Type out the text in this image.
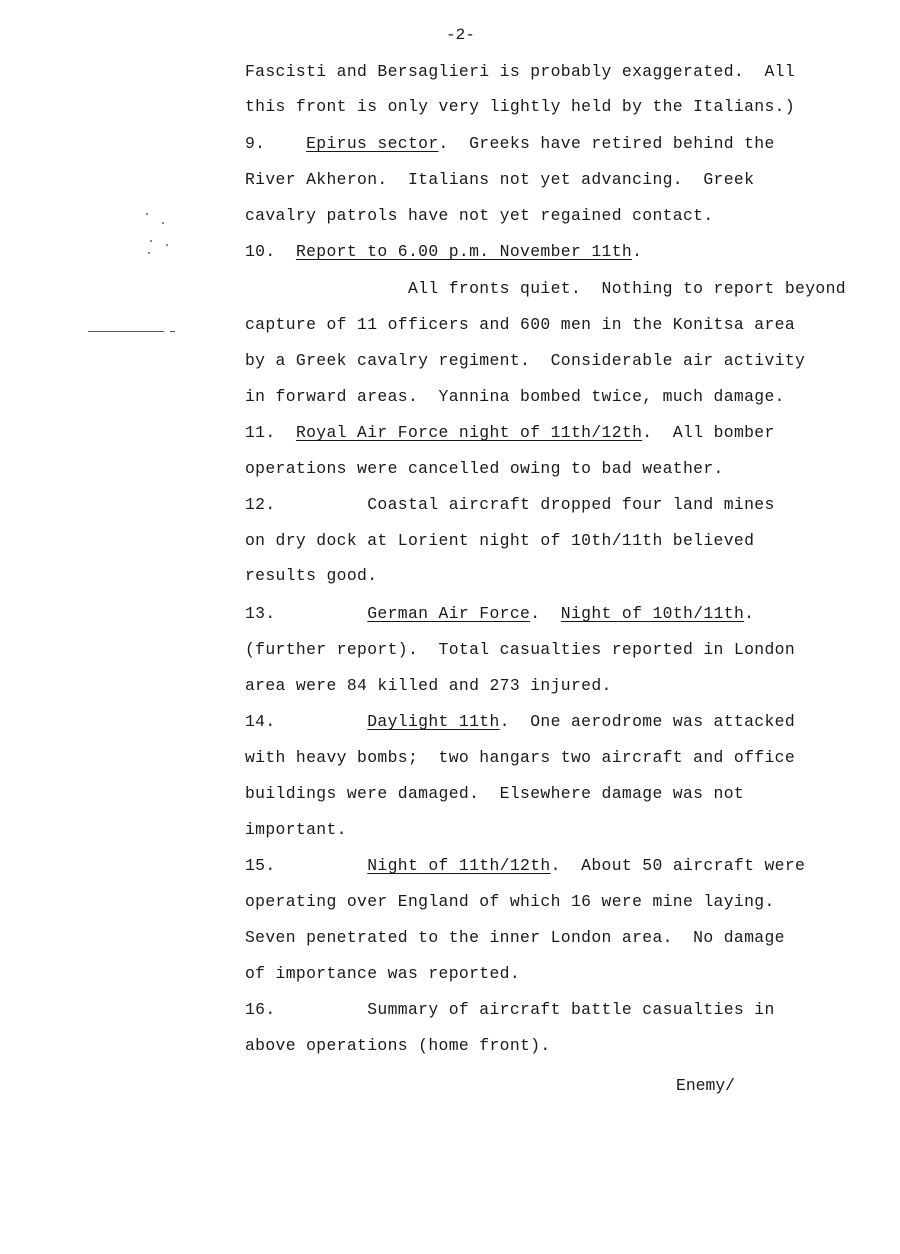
-2-
Fascisti and Bersaglieri is probably exaggerated.  All
this front is only very lightly held by the Italians.)
9.    Epirus sector.  Greeks have retired behind the
River Akheron.  Italians not yet advancing.  Greek
cavalry patrols have not yet regained contact.
10.  Report to 6.00 p.m. November 11th.
All fronts quiet.  Nothing to report beyond
capture of 11 officers and 600 men in the Konitsa area
by a Greek cavalry regiment.  Considerable air activity
in forward areas.  Yannina bombed twice, much damage.
11.  Royal Air Force night of 11th/12th.  All bomber
operations were cancelled owing to bad weather.
12.         Coastal aircraft dropped four land mines
on dry dock at Lorient night of 10th/11th believed
results good.
13.         German Air Force.  Night of 10th/11th.
(further report).  Total casualties reported in London
area were 84 killed and 273 injured.
14.         Daylight 11th.  One aerodrome was attacked
with heavy bombs;  two hangars two aircraft and office
buildings were damaged.  Elsewhere damage was not
important.
15.         Night of 11th/12th.  About 50 aircraft were
operating over England of which 16 were mine laying.
Seven penetrated to the inner London area.  No damage
of importance was reported.
16.         Summary of aircraft battle casualties in
above operations (home front).
Enemy/
